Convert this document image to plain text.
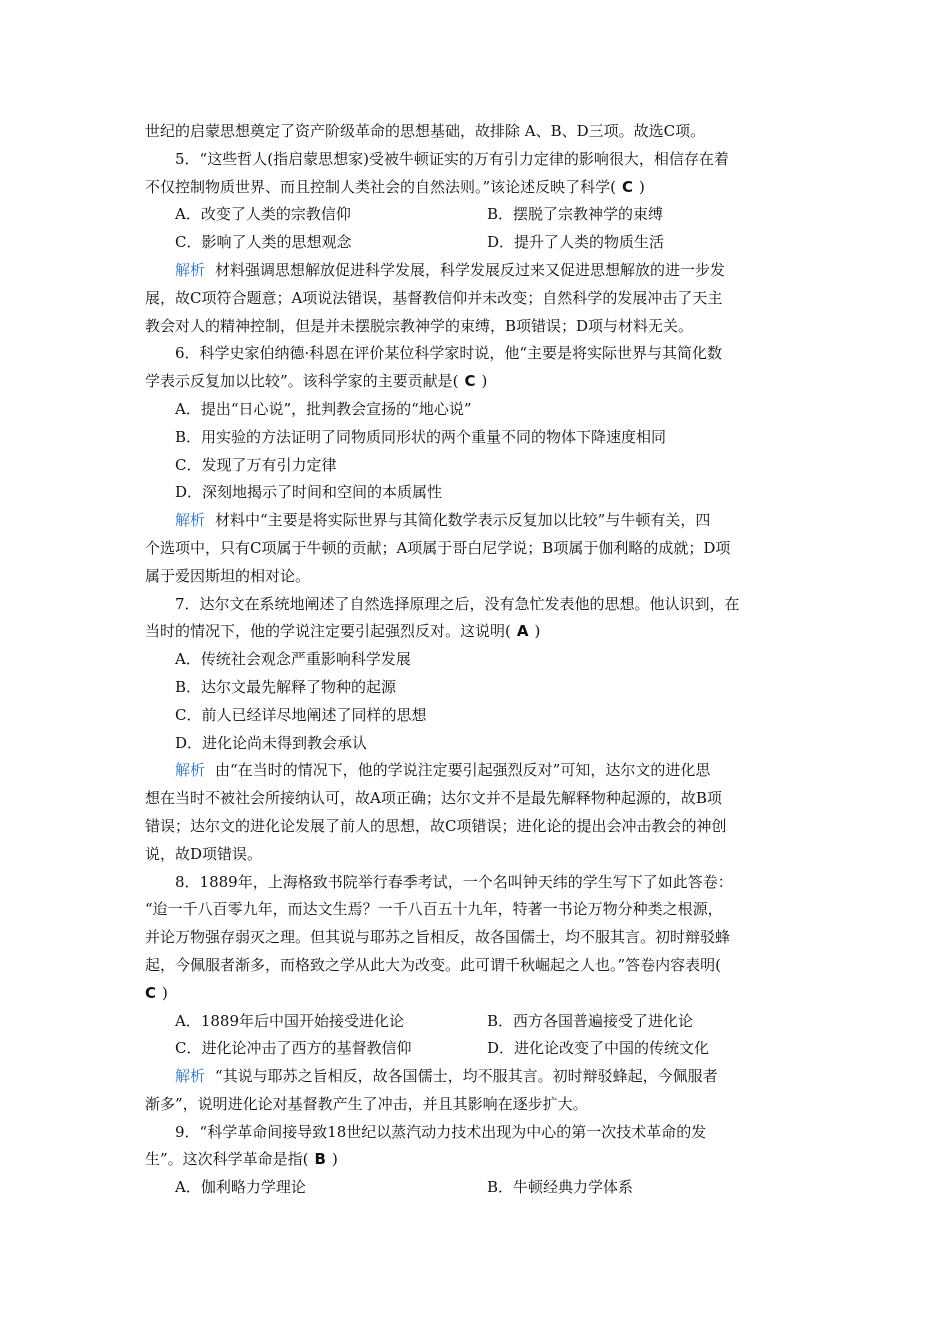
世纪的启蒙思想奠定了资产阶级革命的思想基础，故排除 A、B、D三项。故选C项。
5．“这些哲人(指启蒙思想家)受被牛顿证实的万有引力定律的影响很大，相信存在着
不仅控制物质世界、而且控制人类社会的自然法则。”该论述反映了科学( C )
A．改变了人类的宗教信仰	B．摆脱了宗教神学的束缚
C．影响了人类的思想观念	D．提升了人类的物质生活
解析 材料强调思想解放促进科学发展，科学发展反过来又促进思想解放的进一步发
展，故C项符合题意；A项说法错误，基督教信仰并未改变；自然科学的发展冲击了天主
教会对人的精神控制，但是并未摆脱宗教神学的束缚，B项错误；D项与材料无关。
6．科学史家伯纳德·科恩在评价某位科学家时说，他“主要是将实际世界与其简化数
学表示反复加以比较”。该科学家的主要贡献是( C )
A．提出“日心说”，批判教会宣扬的“地心说”
B．用实验的方法证明了同物质同形状的两个重量不同的物体下降速度相同
C．发现了万有引力定律
D．深刻地揭示了时间和空间的本质属性
解析 材料中“主要是将实际世界与其简化数学表示反复加以比较”与牛顿有关，四
个选项中，只有C项属于牛顿的贡献；A项属于哥白尼学说；B项属于伽利略的成就；D项
属于爱因斯坦的相对论。
7．达尔文在系统地阐述了自然选择原理之后，没有急忙发表他的思想。他认识到，在
当时的情况下，他的学说注定要引起强烈反对。这说明( A )
A．传统社会观念严重影响科学发展
B．达尔文最先解释了物种的起源
C．前人已经详尽地阐述了同样的思想
D．进化论尚未得到教会承认
解析 由“在当时的情况下，他的学说注定要引起强烈反对”可知，达尔文的进化思
想在当时不被社会所接纳认可，故A项正确；达尔文并不是最先解释物种起源的，故B项
错误；达尔文的进化论发展了前人的思想，故C项错误；进化论的提出会冲击教会的神创
说，故D项错误。
8．1889年，上海格致书院举行春季考试，一个名叫钟天纬的学生写下了如此答卷：
“迨一千八百零九年，而达文生焉？一千八百五十九年，特著一书论万物分种类之根源，
并论万物强存弱灭之理。但其说与耶苏之旨相反，故各国儒士，均不服其言。初时辩驳蜂
起，今佩服者渐多，而格致之学从此大为改变。此可谓千秋崛起之人也。”答卷内容表明(
C )
A．1889年后中国开始接受进化论	B．西方各国普遍接受了进化论
C．进化论冲击了西方的基督教信仰	D．进化论改变了中国的传统文化
解析 “其说与耶苏之旨相反，故各国儒士，均不服其言。初时辩驳蜂起，今佩服者
渐多”，说明进化论对基督教产生了冲击，并且其影响在逐步扩大。
9．“科学革命间接导致18世纪以蒸汽动力技术出现为中心的第一次技术革命的发
生”。这次科学革命是指( B )
A．伽利略力学理论	B．牛顿经典力学体系
